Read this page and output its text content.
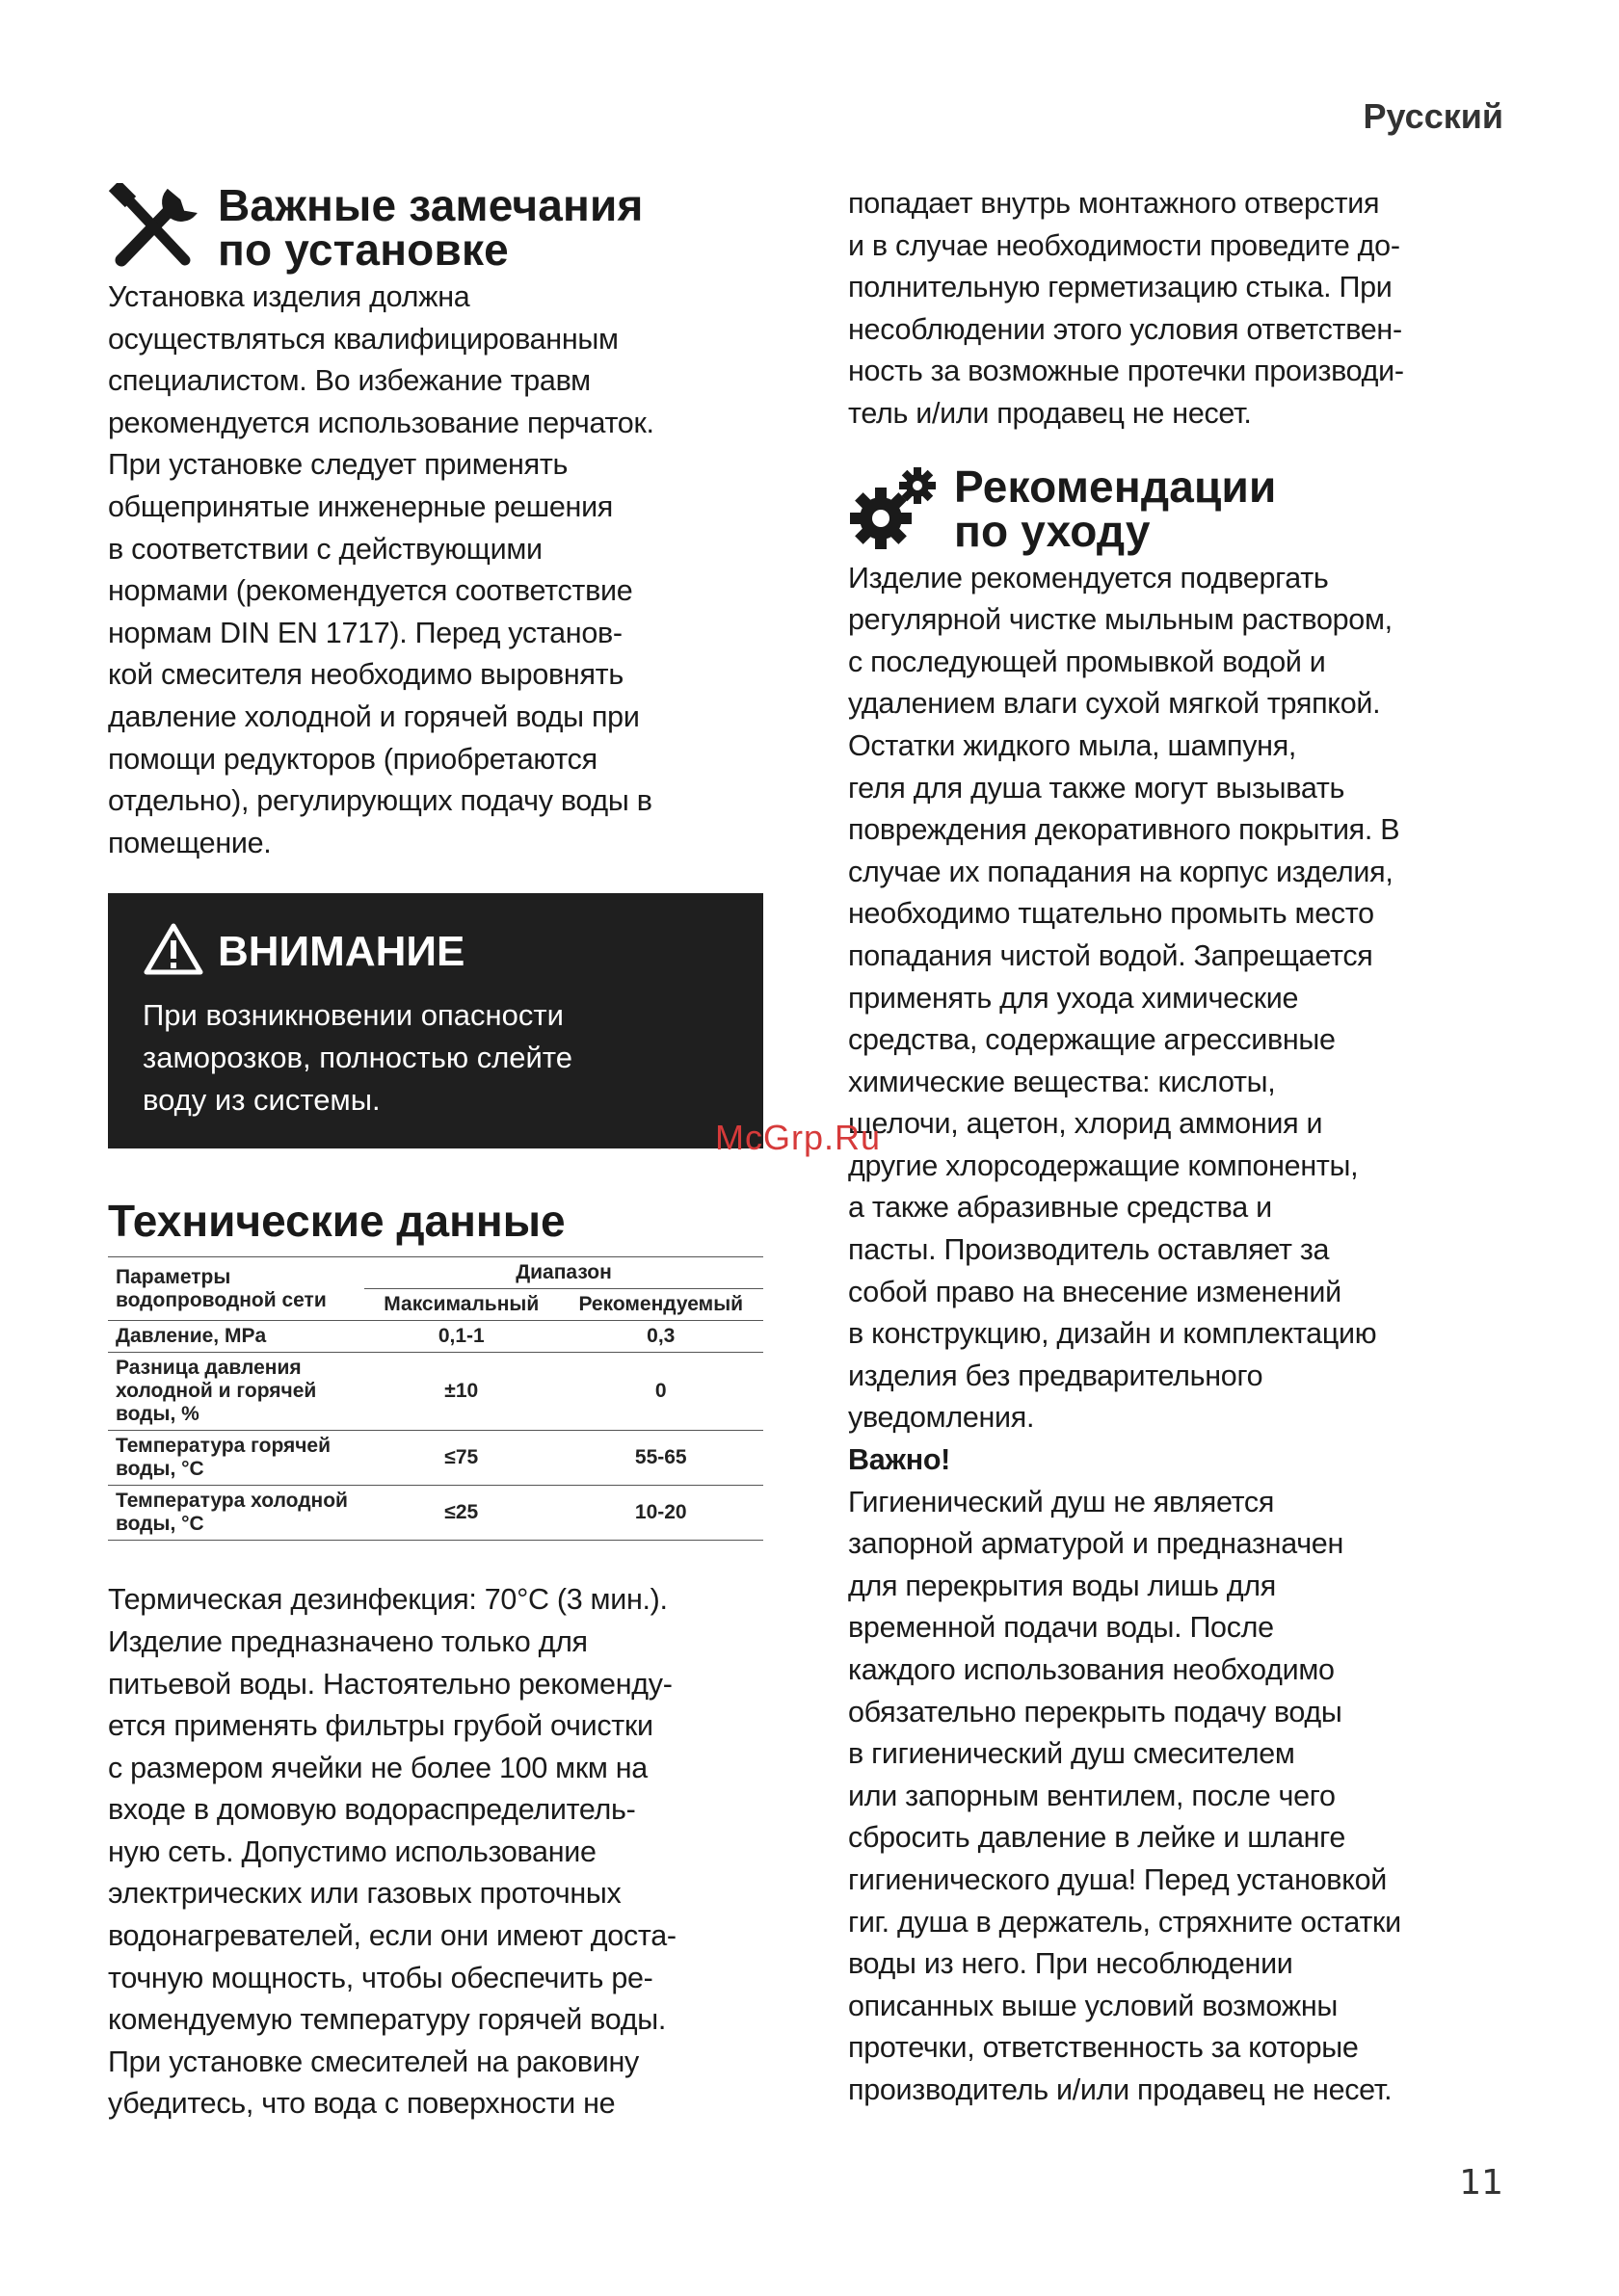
Русский
Важные замечания
по установке

Установка изделия должна
осуществляться квалифицированным
специалистом. Во избежание травм
рекомендуется использование перчаток.
При установке следует применять
общепринятые инженерные решения
в соответствии с действующими
нормами (рекомендуется соответствие
нормам DIN EN 1717). Перед установ-
кой смесителя необходимо выровнять
давление холодной и горячей воды при
помощи редукторов (приобретаются
отдельно), регулирующих подачу воды в
помещение.

ВНИМАНИЕ

При возникновении опасности
заморозков, полностью слейте
воду из системы.

Технические данные
Параметры водопроводной сети	Диапазон	
	Максимальный	Рекомендуемый
Давление, MPa	0,1-1	0,3
Разница давления холодной и горячей воды, %	±10	0
Температура горячей воды, °C	≤75	55-65
Температура холодной воды, °C	≤25	10-20

Термическая дезинфекция: 70°C (3 мин.).
Изделие предназначено только для
питьевой воды. Настоятельно рекоменду-
ется применять фильтры грубой очистки
с размером ячейки не более 100 мкм на
входе в домовую водораспределитель-
ную сеть. Допустимо использование
электрических или газовых проточных
водонагревателей, если они имеют доста-
точную мощность, чтобы обеспечить ре-
комендуемую температуру горячей воды.
При установке смесителей на раковину
убедитесь, что вода с поверхности не

попадает внутрь монтажного отверстия
и в случае необходимости проведите до-
полнительную герметизацию стыка. При
несоблюдении этого условия ответствен-
ность за возможные протечки производи-
тель и/или продавец не несет.

Рекомендации
по уходу

Изделие рекомендуется подвергать
регулярной чистке мыльным раствором,
с последующей промывкой водой и
удалением влаги сухой мягкой тряпкой.
Остатки жидкого мыла, шампуня,
геля для душа также могут вызывать
повреждения декоративного покрытия. В
случае их попадания на корпус изделия,
необходимо тщательно промыть место
попадания чистой водой. Запрещается
применять для ухода химические
средства, содержащие агрессивные
химические вещества: кислоты,
щелочи, ацетон, хлорид аммония и
другие хлорсодержащие компоненты,
а также абразивные средства и
пасты. Производитель оставляет за
собой право на внесение изменений
в конструкцию, дизайн и комплектацию
изделия без предварительного
уведомления.

Важно!

Гигиенический душ не является
запорной арматурой и предназначен
для перекрытия воды лишь для
временной подачи воды. После
каждого использования необходимо
обязательно перекрыть подачу воды
в гигиенический душ смесителем
или запорным вентилем, после чего
сбросить давление в лейке и шланге
гигиенического душа! Перед установкой
гиг. душа в держатель, стряхните остатки
воды из него. При несоблюдении
описанных выше условий возможны
протечки, ответственность за которые
производитель и/или продавец не несет.

McGrp.Ru
11
